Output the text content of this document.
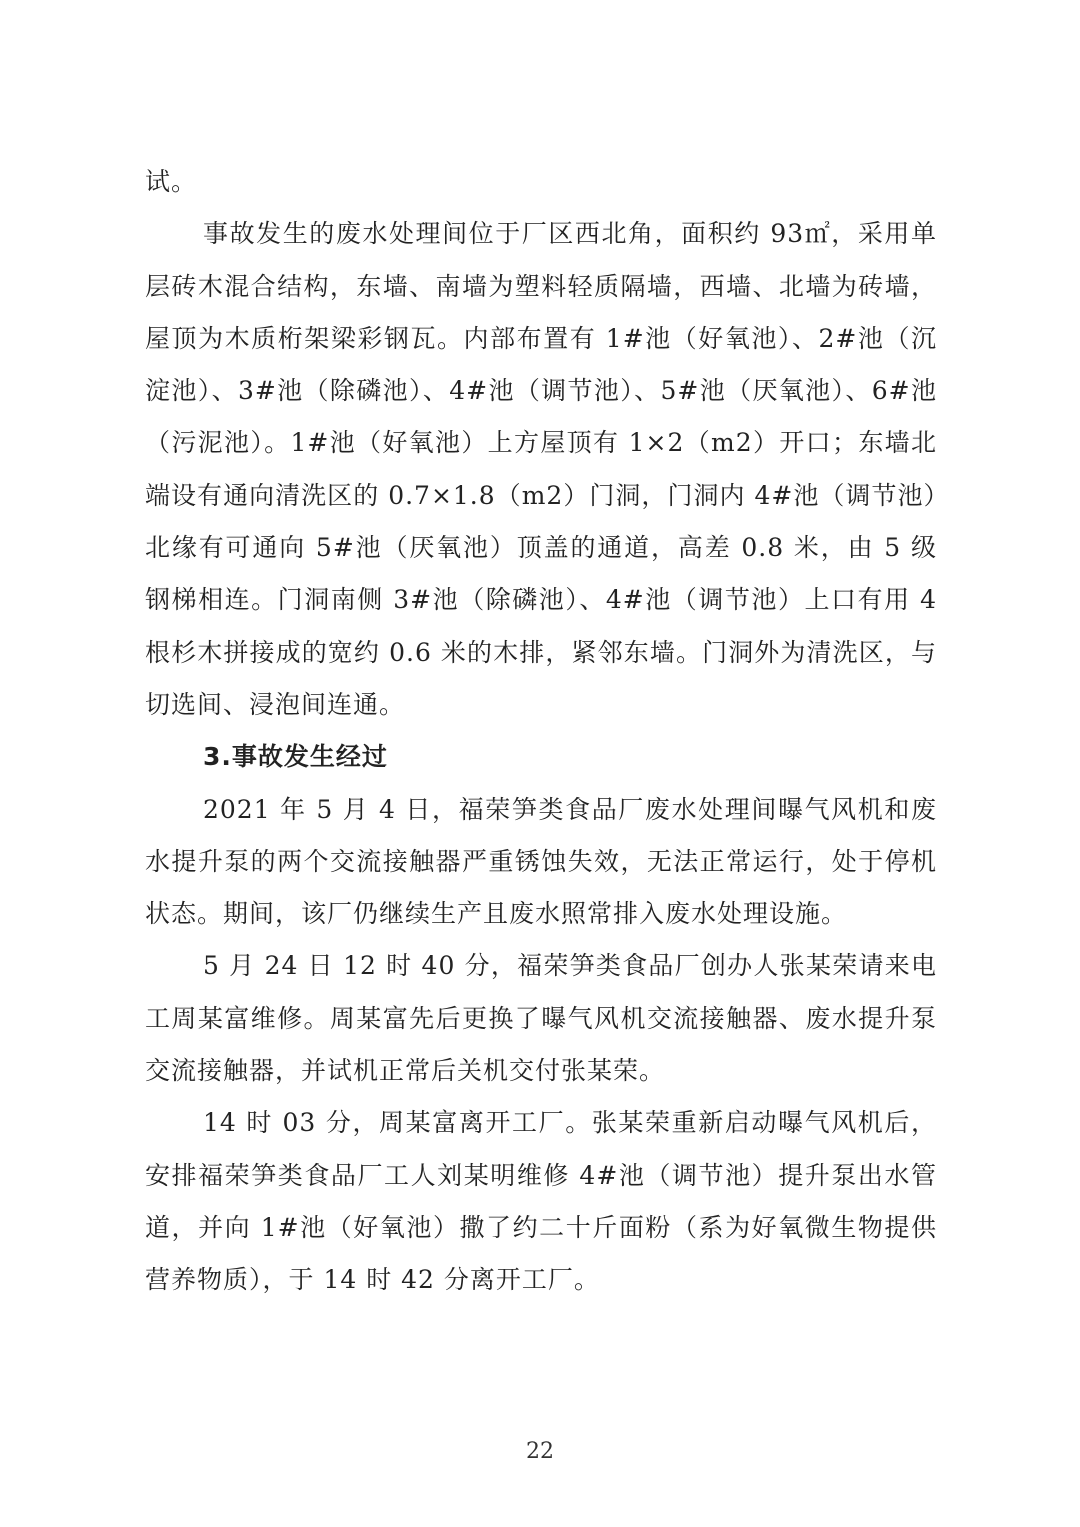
试。

事故发生的废水处理间位于厂区西北角，面积约 93㎡，采用单层砖木混合结构，东墙、南墙为塑料轻质隔墙，西墙、北墙为砖墙，屋顶为木质桁架梁彩钢瓦。内部布置有 1#池（好氧池）、2#池（沉淀池）、3#池（除磷池）、4#池（调节池）、5#池（厌氧池）、6#池（污泥池）。1#池（好氧池）上方屋顶有 1×2（m2）开口；东墙北端设有通向清洗区的 0.7×1.8（m2）门洞，门洞内 4#池（调节池）北缘有可通向 5#池（厌氧池）顶盖的通道，高差 0.8 米，由 5 级钢梯相连。门洞南侧 3#池（除磷池）、4#池（调节池）上口有用 4 根杉木拼接成的宽约 0.6 米的木排，紧邻东墙。门洞外为清洗区，与切选间、浸泡间连通。

3.事故发生经过

2021 年 5 月 4 日，福荣笋类食品厂废水处理间曝气风机和废水提升泵的两个交流接触器严重锈蚀失效，无法正常运行，处于停机状态。期间，该厂仍继续生产且废水照常排入废水处理设施。

5 月 24 日 12 时 40 分，福荣笋类食品厂创办人张某荣请来电工周某富维修。周某富先后更换了曝气风机交流接触器、废水提升泵交流接触器，并试机正常后关机交付张某荣。

14 时 03 分，周某富离开工厂。张某荣重新启动曝气风机后，安排福荣笋类食品厂工人刘某明维修 4#池（调节池）提升泵出水管道，并向 1#池（好氧池）撒了约二十斤面粉（系为好氧微生物提供营养物质），于 14 时 42 分离开工厂。

22
